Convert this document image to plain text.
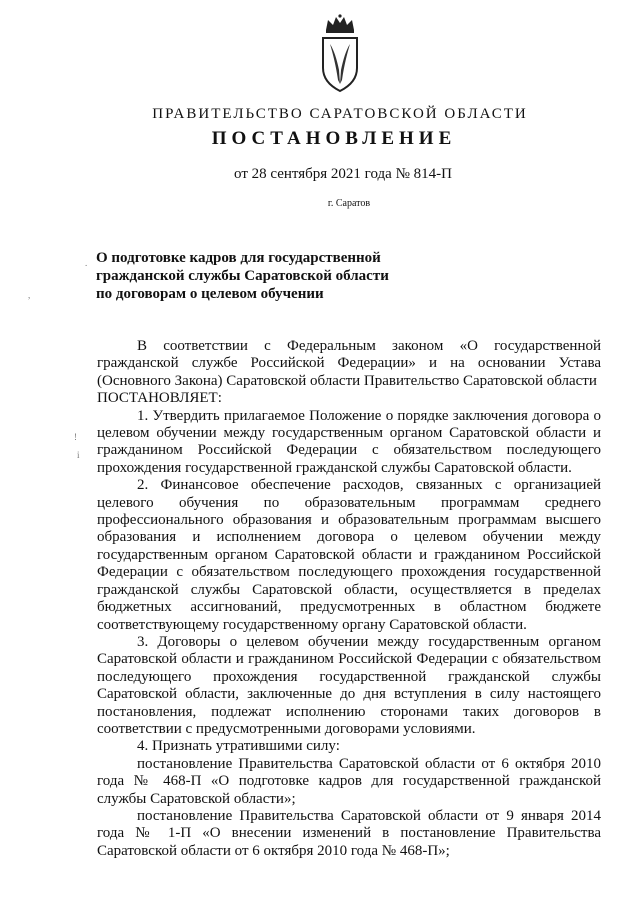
ПРАВИТЕЛЬСТВО САРАТОВСКОЙ ОБЛАСТИ
ПОСТАНОВЛЕНИЕ
от 28 сентября 2021 года № 814-П
г. Саратов
О подготовке кадров для государственной
гражданской службы Саратовской области
по договорам о целевом обучении

В соответствии с Федеральным законом «О государственной гражданской службе Российской Федерации» и на основании Устава (Основного Закона) Саратовской области Правительство Саратовской области

ПОСТАНОВЛЯЕТ:

1. Утвердить прилагаемое Положение о порядке заключения договора о целевом обучении между государственным органом Саратовской области и гражданином Российской Федерации с обязательством последующего прохождения государственной гражданской службы Саратовской области.

2. Финансовое обеспечение расходов, связанных с организацией целевого обучения по образовательным программам среднего профессионального образования и образовательным программам высшего образования и исполнением договора о целевом обучении между государственным органом Саратовской области и гражданином Российской Федерации с обязательством последующего прохождения государственной гражданской службы Саратовской области, осуществляется в пределах бюджетных ассигнований, предусмотренных в областном бюджете соответствующему государственному органу Саратовской области.

3. Договоры о целевом обучении между государственным органом Саратовской области и гражданином Российской Федерации с обязательством последующего прохождения государственной гражданской службы Саратовской области, заключенные до дня вступления в силу настоящего постановления, подлежат исполнению сторонами таких договоров в соответствии с предусмотренными договорами условиями.

4. Признать утратившими силу:

постановление Правительства Саратовской области от 6 октября 2010 года № 468-П «О подготовке кадров для государственной гражданской службы Саратовской области»;

постановление Правительства Саратовской области от 9 января 2014 года № 1-П «О внесении изменений в постановление Правительства Саратовской области от 6 октября 2010 года № 468-П»;

.
!
i
,
